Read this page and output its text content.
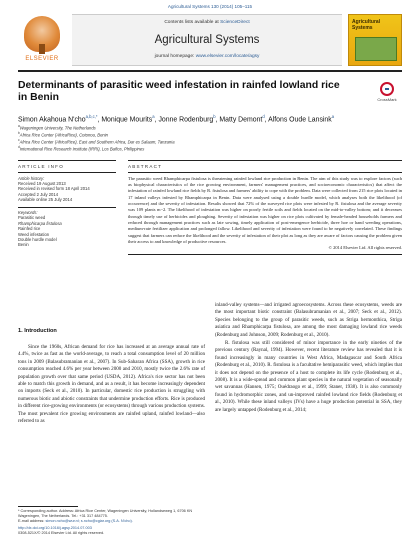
Agricultural Systems 130 (2014) 105–115
ELSEVIER
Contents lists available at ScienceDirect
Agricultural Systems
journal homepage: www.elsevier.com/locate/agsy
Agricultural Systems
Determinants of parasitic weed infestation in rainfed lowland rice in Benin	CrossMark
Simon Akahoua N'cho$^{a,b,c,*}$, Monique Mourits$^a$, Jonne Rodenburg$^b$, Matty Demont$^d$, Alfons Oude Lansink$^a$
$^a$Wageningen University, The Netherlands
$^b$Africa Rice Center (AfricaRice), Cotonou, Benin
$^c$Africa Rice Center (AfricaRice), East and Southern Africa, Dar es Salaam, Tanzania
$^d$International Rice Research Institute (IRRI), Los Baños, Philippines
ARTICLE INFO
Article history:
Received 19 August 2013
Received in revised form 18 April 2014
Accepted 2 July 2014
Available online 25 July 2014
Keywords:
Parasitic weed
Rhamphicarpa fistulosa
Rainfed rice
Weed infestation
Double hurdle model
Benin
ABSTRACT
The parasitic weed Rhamphicarpa fistulosa is threatening rainfed lowland rice production in Benin. The aim of this study was to explore factors (such as biophysical characteristics of the rice growing environment, farmers' management practices, and socioeconomic characteristics) that affect the infestation of rainfed lowland rice fields by R. fistulosa and farmers' ability to cope with the problem. Data were collected from 215 rice plots located in 17 inland valleys infested by Rhamphicarpa in Benin. Data were analysed using a double hurdle model, which analyses both the likelihood (of occurrence) and the severity of infestation. Results showed that 72% of the surveyed rice plots were infested by R. fistulosa and the average severity was 109 plants m−2. The likelihood of infestation was higher on poorly fertile soils and fields located on the mid-to-valley bottom; and it decreases through timely use of herbicides and ploughing. Severity of infestation was higher on rice plots cultivated by female-headed households farmers and reduced through management practices such as late sowing, timely application of post-emergence herbicide, three hoe or hand weeding operations, medium-rate fertilizer application and prolonged fallow. Likelihood and severity of infestation were found to be negatively correlated. These findings suggest that farmers can reduce the likelihood and the severity of infestation of their plot as long as they are aware of factors causing the problem given their access to and knowledge of productive resources.
© 2014 Elsevier Ltd. All rights reserved.
1. Introduction

Since the 1960s, African demand for rice has increased at an average annual rate of 4.4%, twice as fast as the world-average, to reach a total consumption level of 20 million tons in 2009 (Balasubramanian et al., 2007). In Sub-Saharan Africa (SSA), growth in rice consumption reached 4.6% per year between 2000 and 2010, mostly twice the 2.6% rate of population growth over that same period (USDA, 2012). Africa's rice sector has not been able to match this growth in demand, and as a result, it has become increasingly dependent on imports (Seck et al., 2010). In particular, domestic rice production is struggling with numerous biotic and abiotic constraints that undermine production efforts. Rice is produced in different rice-growing environments (or ecosystems) through various production systems. The most prevalent rice growing environments are rainfed upland, rainfed lowland—also referred to as

inland-valley systems—and irrigated agroecosystems. Across these ecosystems, weeds are the most important biotic constraint (Balasubramanian et al., 2007; Seck et al., 2012). Species belonging to the group of parasitic weeds, such as Striga hermonthica, Striga asiatica and Rhamphicarpa fistulosa, are among the most damaging lowland rice weeds (Rodenburg and Johnson, 2009; Rodenburg et al., 2010).

R. fistulosa was still considered of minor importance in the early nineties of the previous century (Raynal, 1994). However, recent literature review has revealed that it is found increasingly in many countries in West Africa, Madagascar and South Africa (Rodenburg et al., 2010). R. fistulosa is a facultative hemiparasitic weed, which implies that it does not depend on the presence of a host to complete its life cycle (Rodenburg et al., 2008). It is a wide-spread and common plant species in the natural vegetation of seasonally wet savannas (Hansen, 1975; Ouédraogo et al., 1999; Staner, 1938). It is also commonly found in hydromorphic zones, and un-improved rainfed lowland rice fields (Rodenburg et al., 2010). While these inland valleys (IVs) have a huge production potential in SSA, they are largely untapped (Rodenburg et al., 2014;

* Corresponding author. Address: Africa Rice Center, Wageningen University, Hollandseweg 1, 6706 KN Wageningen, The Netherlands. Tel.: +31 317 484775.
E-mail address: simon.ncho@wur.nl; s.ncho@cgiar.org (S.A. N'cho).
http://dx.doi.org/10.1016/j.agsy.2014.07.003
0308-521X/© 2014 Elsevier Ltd. All rights reserved.
